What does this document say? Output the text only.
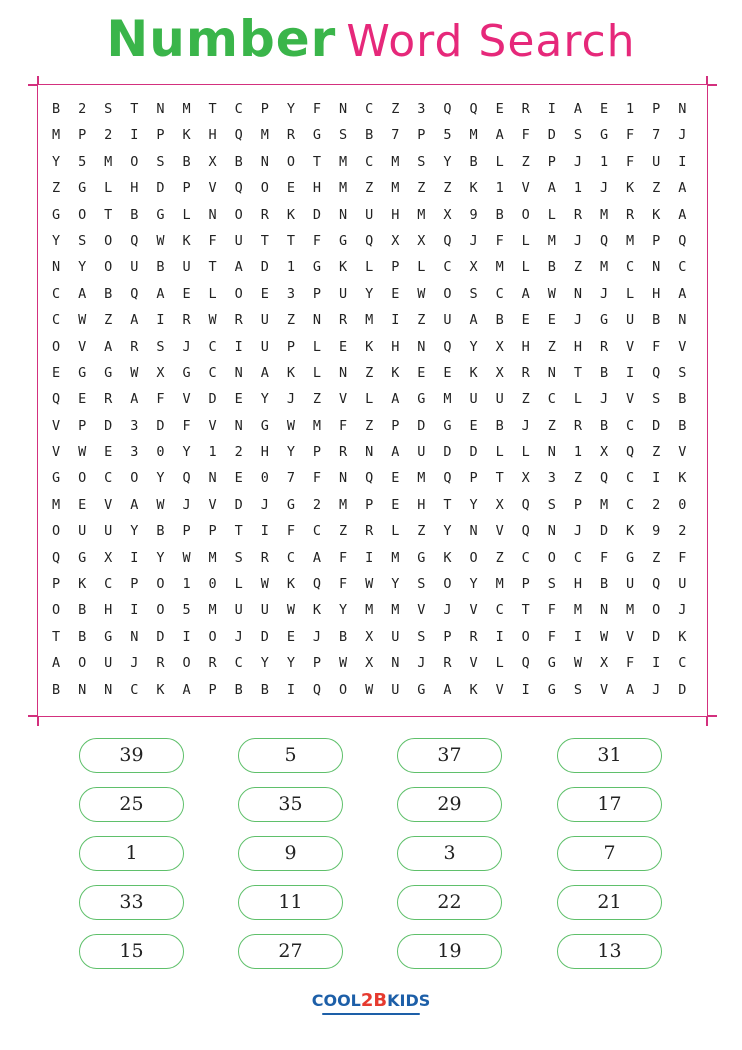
Number Word Search
B	2	S	T	N	M	T	C	P	Y	F	N	C	Z	3	Q	Q	E	R	I	A	E	1	P	N
M	P	2	I	P	K	H	Q	M	R	G	S	B	7	P	5	M	A	F	D	S	G	F	7	J
Y	5	M	O	S	B	X	B	N	O	T	M	C	M	S	Y	B	L	Z	P	J	1	F	U	I
Z	G	L	H	D	P	V	Q	O	E	H	M	Z	M	Z	Z	K	1	V	A	1	J	K	Z	A
G	O	T	B	G	L	N	O	R	K	D	N	U	H	M	X	9	B	O	L	R	M	R	K	A
Y	S	O	Q	W	K	F	U	T	T	F	G	Q	X	X	Q	J	F	L	M	J	Q	M	P	Q
N	Y	O	U	B	U	T	A	D	1	G	K	L	P	L	C	X	M	L	B	Z	M	C	N	C
C	A	B	Q	A	E	L	O	E	3	P	U	Y	E	W	O	S	C	A	W	N	J	L	H	A
C	W	Z	A	I	R	W	R	U	Z	N	R	M	I	Z	U	A	B	E	E	J	G	U	B	N
O	V	A	R	S	J	C	I	U	P	L	E	K	H	N	Q	Y	X	H	Z	H	R	V	F	V
E	G	G	W	X	G	C	N	A	K	L	N	Z	K	E	E	K	X	R	N	T	B	I	Q	S
Q	E	R	A	F	V	D	E	Y	J	Z	V	L	A	G	M	U	U	Z	C	L	J	V	S	B
V	P	D	3	D	F	V	N	G	W	M	F	Z	P	D	G	E	B	J	Z	R	B	C	D	B
V	W	E	3	0	Y	1	2	H	Y	P	R	N	A	U	D	D	L	L	N	1	X	Q	Z	V
G	O	C	O	Y	Q	N	E	0	7	F	N	Q	E	M	Q	P	T	X	3	Z	Q	C	I	K
M	E	V	A	W	J	V	D	J	G	2	M	P	E	H	T	Y	X	Q	S	P	M	C	2	0
O	U	U	Y	B	P	P	T	I	F	C	Z	R	L	Z	Y	N	V	Q	N	J	D	K	9	2
Q	G	X	I	Y	W	M	S	R	C	A	F	I	M	G	K	O	Z	C	O	C	F	G	Z	F
P	K	C	P	O	1	0	L	W	K	Q	F	W	Y	S	O	Y	M	P	S	H	B	U	Q	U
O	B	H	I	O	5	M	U	U	W	K	Y	M	M	V	J	V	C	T	F	M	N	M	O	J
T	B	G	N	D	I	O	J	D	E	J	B	X	U	S	P	R	I	O	F	I	W	V	D	K
A	O	U	J	R	O	R	C	Y	Y	P	W	X	N	J	R	V	L	Q	G	W	X	F	I	C
B	N	N	C	K	A	P	B	B	I	Q	O	W	U	G	A	K	V	I	G	S	V	A	J	D
39	5	37	31
25	35	29	17
1	9	3	7
33	11	22	21
15	27	19	13
COOL2BKIDS
